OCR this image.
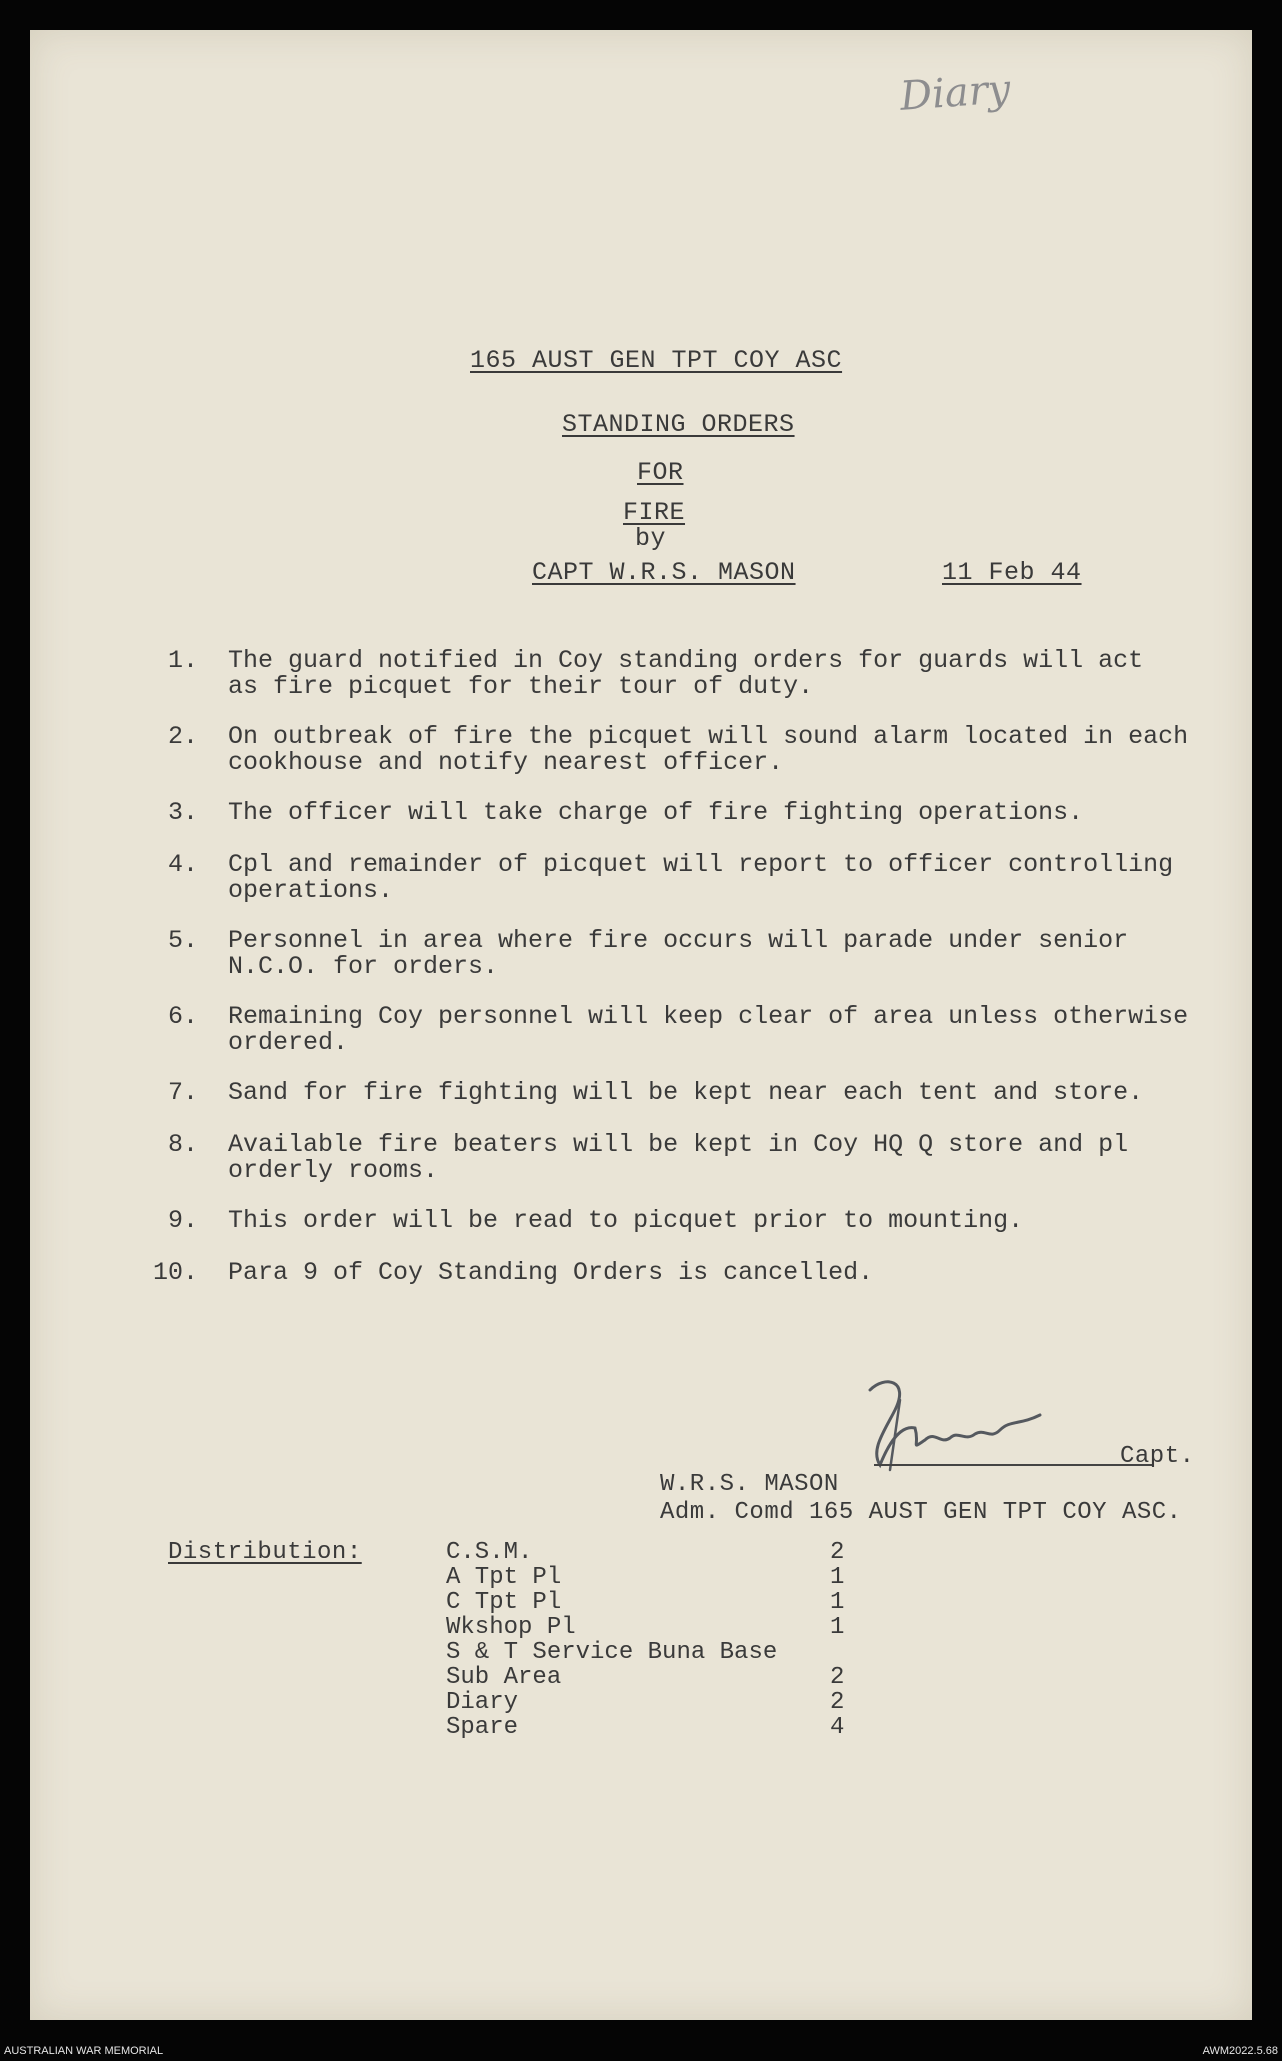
Diary
165 AUST GEN TPT COY ASC
STANDING ORDERS
FOR
FIRE
by
CAPT W.R.S. MASON	11 Feb 44
1. The guard notified in Coy standing orders for guards will act
as fire picquet for their tour of duty.
2. On outbreak of fire the picquet will sound alarm located in each
cookhouse and notify nearest officer.
3. The officer will take charge of fire fighting operations.
4. Cpl and remainder of picquet will report to officer controlling
operations.
5. Personnel in area where fire occurs will parade under senior
N.C.O. for orders.
6. Remaining Coy personnel will keep clear of area unless otherwise
ordered.
7. Sand for fire fighting will be kept near each tent and store.
8. Available fire beaters will be kept in Coy HQ Q store and pl
orderly rooms.
9. This order will be read to picquet prior to mounting.
10. Para 9 of Coy Standing Orders is cancelled.
Capt.
W.R.S. MASON
Adm. Comd 165 AUST GEN TPT COY ASC.
Distribution:	C.S.M.	2
A Tpt Pl	1
C Tpt Pl	1
Wkshop Pl	1
S & T Service Buna Base
Sub Area	2
Diary	2
Spare	4
AUSTRALIAN WAR MEMORIAL	AWM2022.5.68
